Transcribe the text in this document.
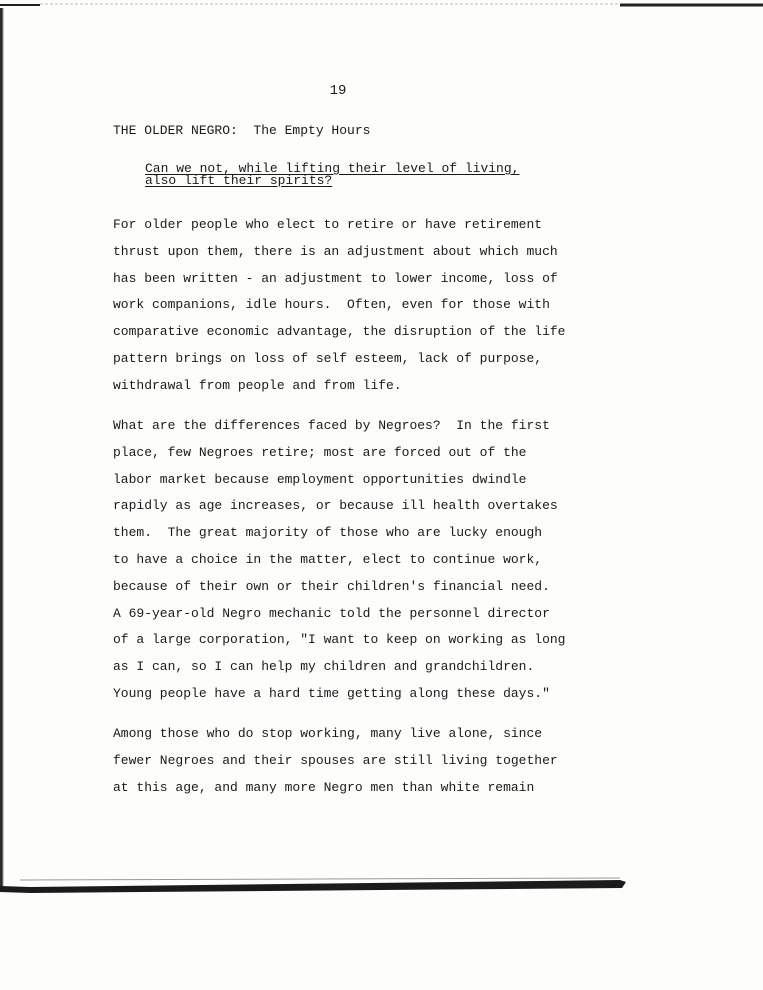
19
THE OLDER NEGRO:  The Empty Hours
Can we not, while lifting their level of living,
also lift their spirits?
For older people who elect to retire or have retirement
thrust upon them, there is an adjustment about which much
has been written - an adjustment to lower income, loss of
work companions, idle hours.  Often, even for those with
comparative economic advantage, the disruption of the life
pattern brings on loss of self esteem, lack of purpose,
withdrawal from people and from life.
What are the differences faced by Negroes?  In the first
place, few Negroes retire; most are forced out of the
labor market because employment opportunities dwindle
rapidly as age increases, or because ill health overtakes
them.  The great majority of those who are lucky enough
to have a choice in the matter, elect to continue work,
because of their own or their children's financial need.
A 69-year-old Negro mechanic told the personnel director
of a large corporation, "I want to keep on working as long
as I can, so I can help my children and grandchildren.
Young people have a hard time getting along these days."
Among those who do stop working, many live alone, since
fewer Negroes and their spouses are still living together
at this age, and many more Negro men than white remain
